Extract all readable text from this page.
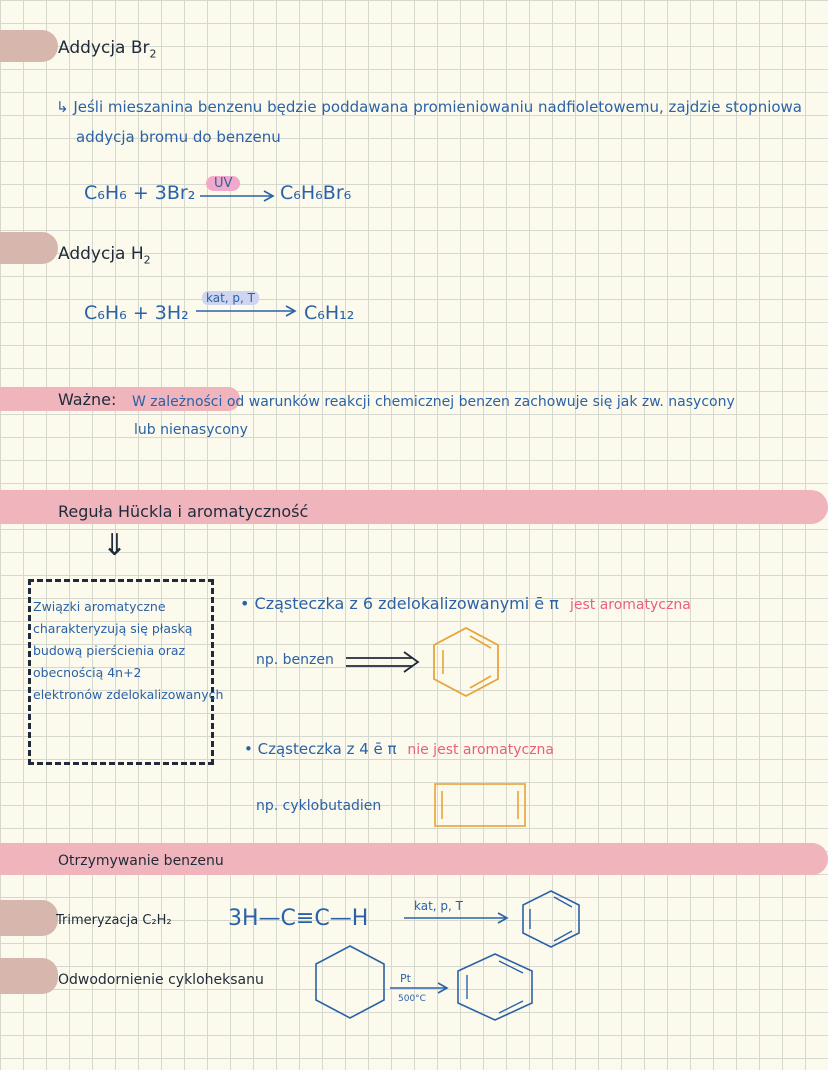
Addycja $Br_2$
↳ Jeśli mieszanina benzenu będzie poddawana promieniowaniu nadfioletowemu, zajdzie stopniowa
addycja bromu do benzenu
C₆H₆ + 3Br₂	UV	C₆H₆Br₆
Addycja $H_2$
C₆H₆ + 3H₂
kat, p, T
C₆H₁₂
Ważne: W zależności od warunków reakcji chemicznej benzen zachowuje się jak zw. nasycony
lub nienasycony
Reguła Hückla i aromatyczność
⇓
Związki aromatyczne
charakteryzują się płaską
budową pierścienia oraz
obecnością 4n+2
elektronów zdelokalizowanych
• Cząsteczka z 6 zdelokalizowanymi ē π jest aromatyczna
np. benzen
• Cząsteczka z 4 ē π nie jest aromatyczna
np. cyklobutadien
Otrzymywanie benzenu
Trimeryzacja C₂H₂	3H—C≡C—H	kat, p, T
Odwodornienie cykloheksanu	Pt
500°C
